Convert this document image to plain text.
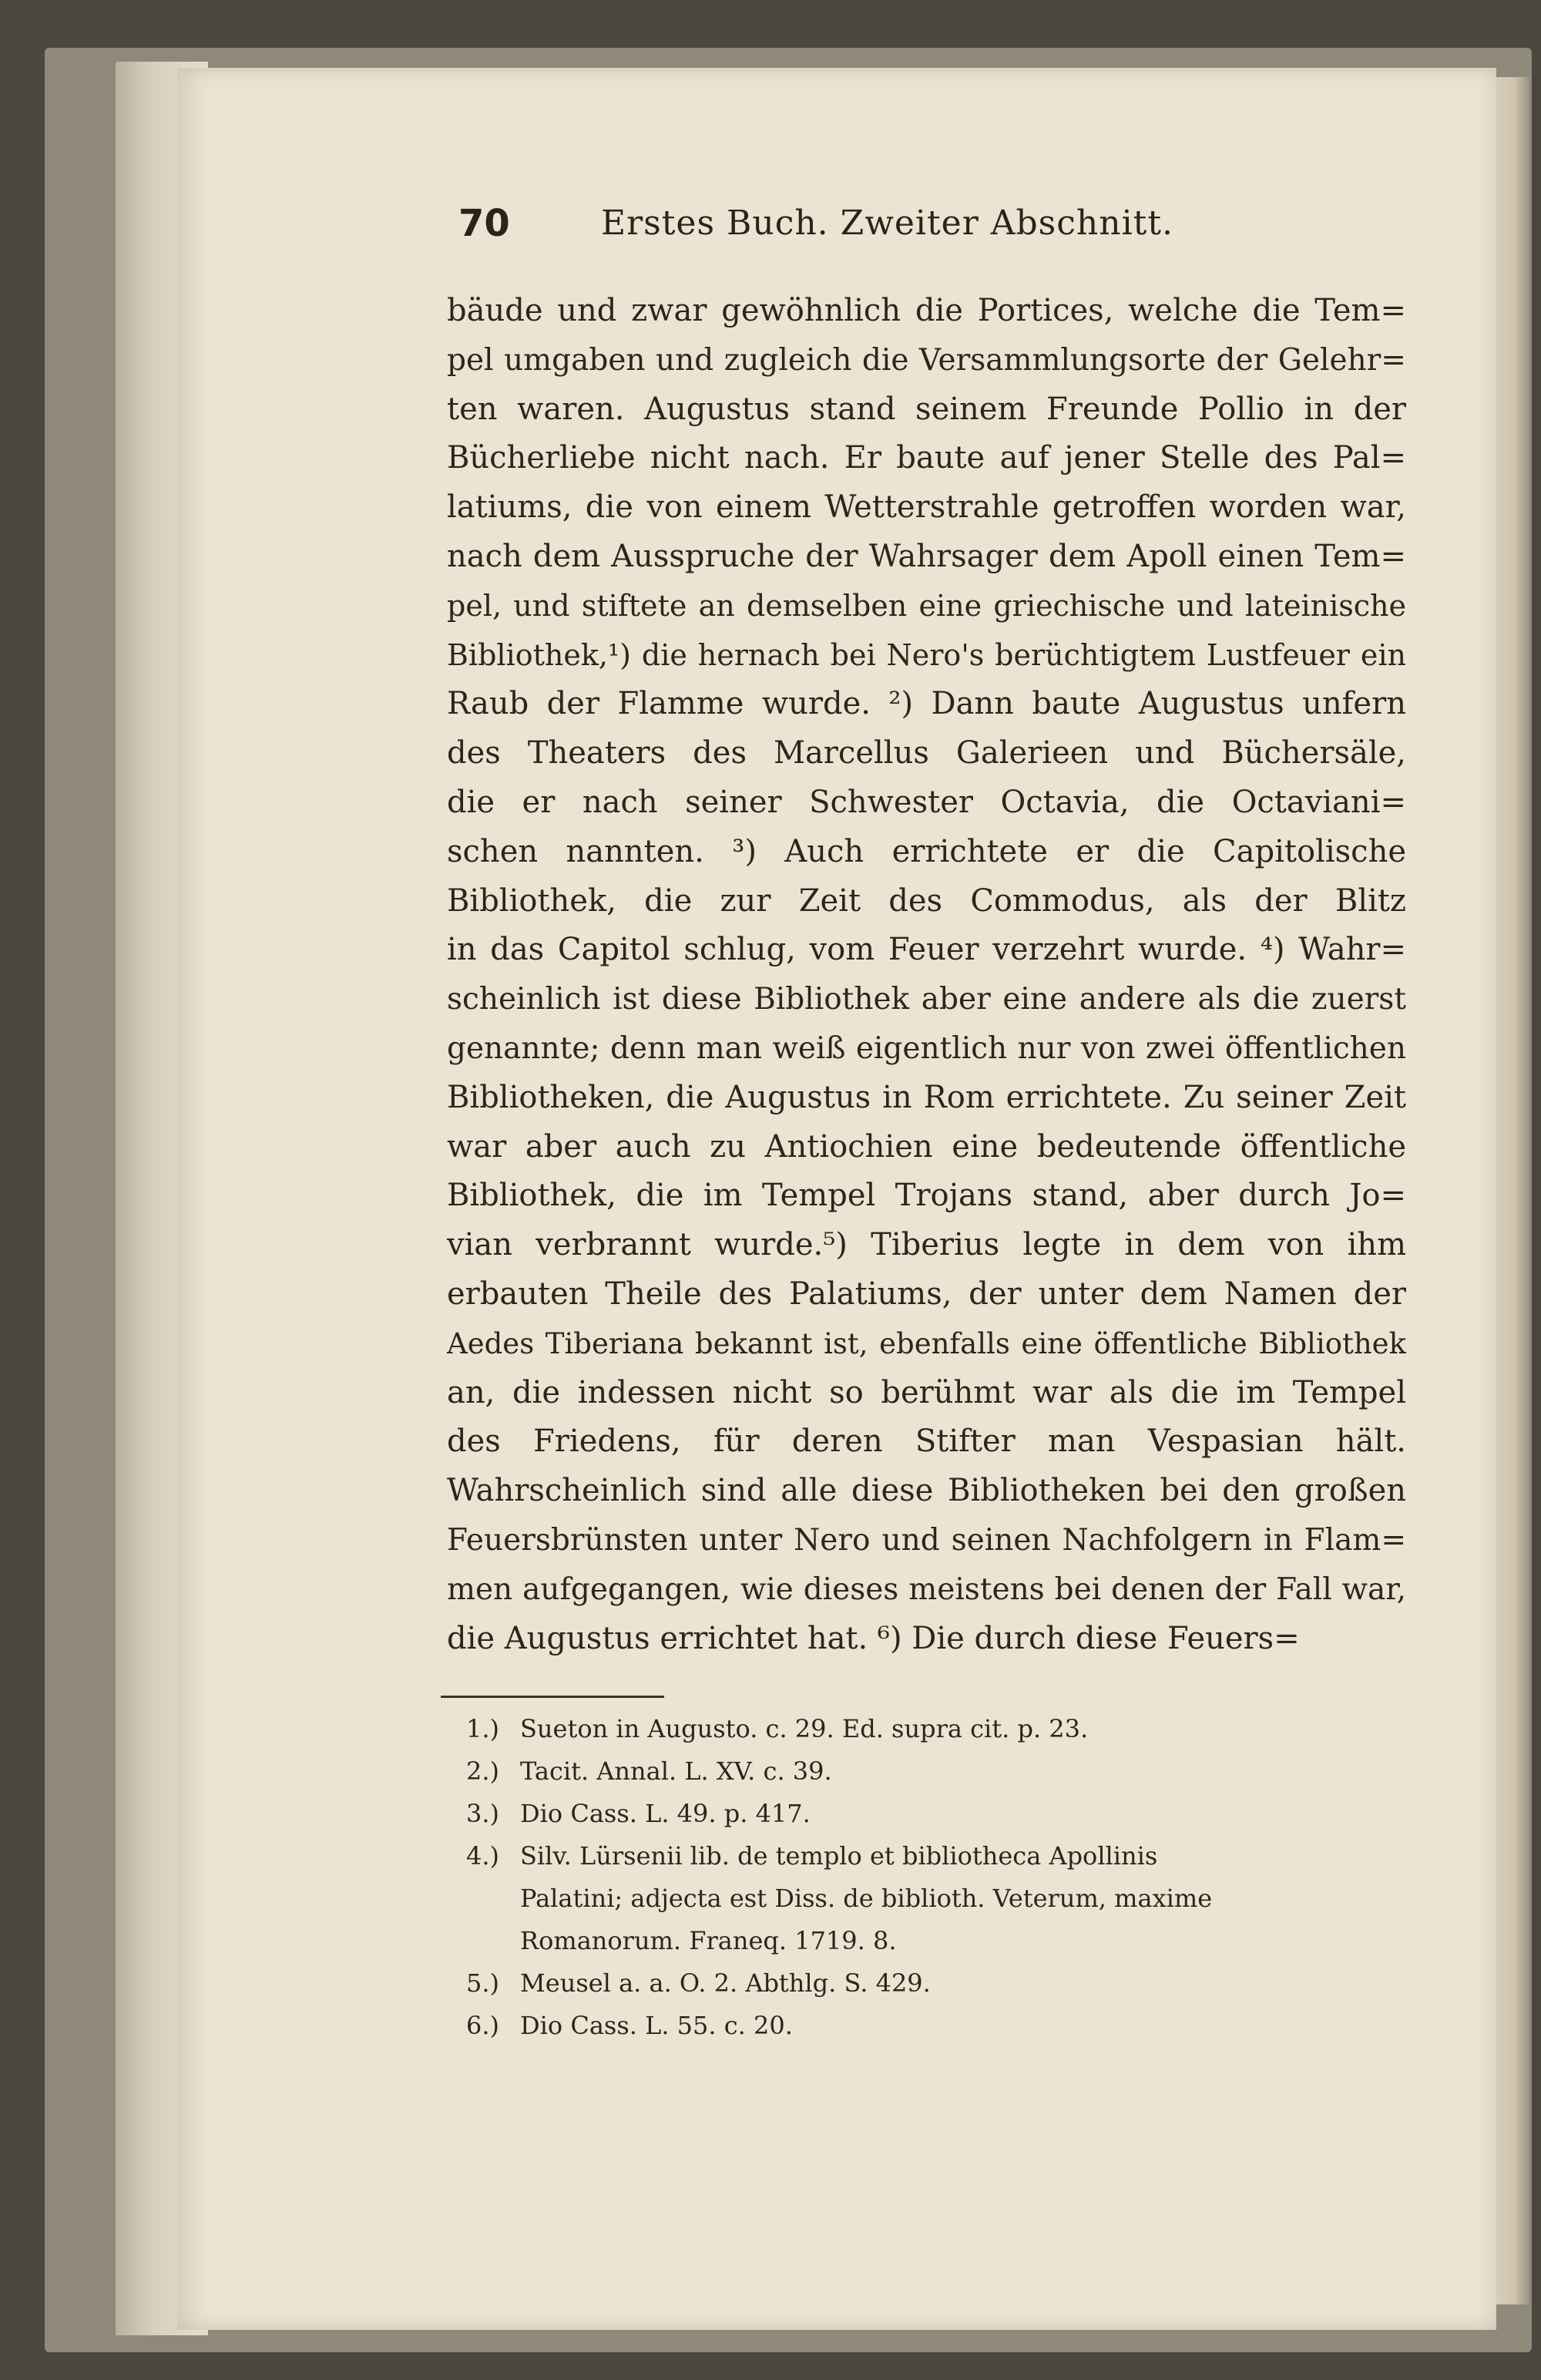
70	Erstes Buch. Zweiter Abschnitt.
bäude und zwar gewöhnlich die Portices, welche die Tem=
pel umgaben und zugleich die Versammlungsorte der Gelehr=
ten waren. Augustus stand seinem Freunde Pollio in der
Bücherliebe nicht nach. Er baute auf jener Stelle des Pal=
latiums, die von einem Wetterstrahle getroffen worden war,
nach dem Ausspruche der Wahrsager dem Apoll einen Tem=
pel, und stiftete an demselben eine griechische und lateinische
Bibliothek,¹) die hernach bei Nero's berüchtigtem Lustfeuer ein
Raub der Flamme wurde. ²) Dann baute Augustus unfern
des Theaters des Marcellus Galerieen und Büchersäle,
die er nach seiner Schwester Octavia, die Octaviani=
schen nannten. ³) Auch errichtete er die Capitolische
Bibliothek, die zur Zeit des Commodus, als der Blitz
in das Capitol schlug, vom Feuer verzehrt wurde. ⁴) Wahr=
scheinlich ist diese Bibliothek aber eine andere als die zuerst
genannte; denn man weiß eigentlich nur von zwei öffentlichen
Bibliotheken, die Augustus in Rom errichtete. Zu seiner Zeit
war aber auch zu Antiochien eine bedeutende öffentliche
Bibliothek, die im Tempel Trojans stand, aber durch Jo=
vian verbrannt wurde.⁵) Tiberius legte in dem von ihm
erbauten Theile des Palatiums, der unter dem Namen der
Aedes Tiberiana bekannt ist, ebenfalls eine öffentliche Bibliothek
an, die indessen nicht so berühmt war als die im Tempel
des Friedens, für deren Stifter man Vespasian hält.
Wahrscheinlich sind alle diese Bibliotheken bei den großen
Feuersbrünsten unter Nero und seinen Nachfolgern in Flam=
men aufgegangen, wie dieses meistens bei denen der Fall war,
die Augustus errichtet hat. ⁶) Die durch diese Feuers=
1.) Sueton in Augusto. c. 29. Ed. supra cit. p. 23.
2.) Tacit. Annal. L. XV. c. 39.
3.) Dio Cass. L. 49. p. 417.
4.) Silv. Lürsenii lib. de templo et bibliotheca Apollinis
Palatini; adjecta est Diss. de biblioth. Veterum, maxime
Romanorum. Franeq. 1719. 8.
5.) Meusel a. a. O. 2. Abthlg. S. 429.
6.) Dio Cass. L. 55. c. 20.
